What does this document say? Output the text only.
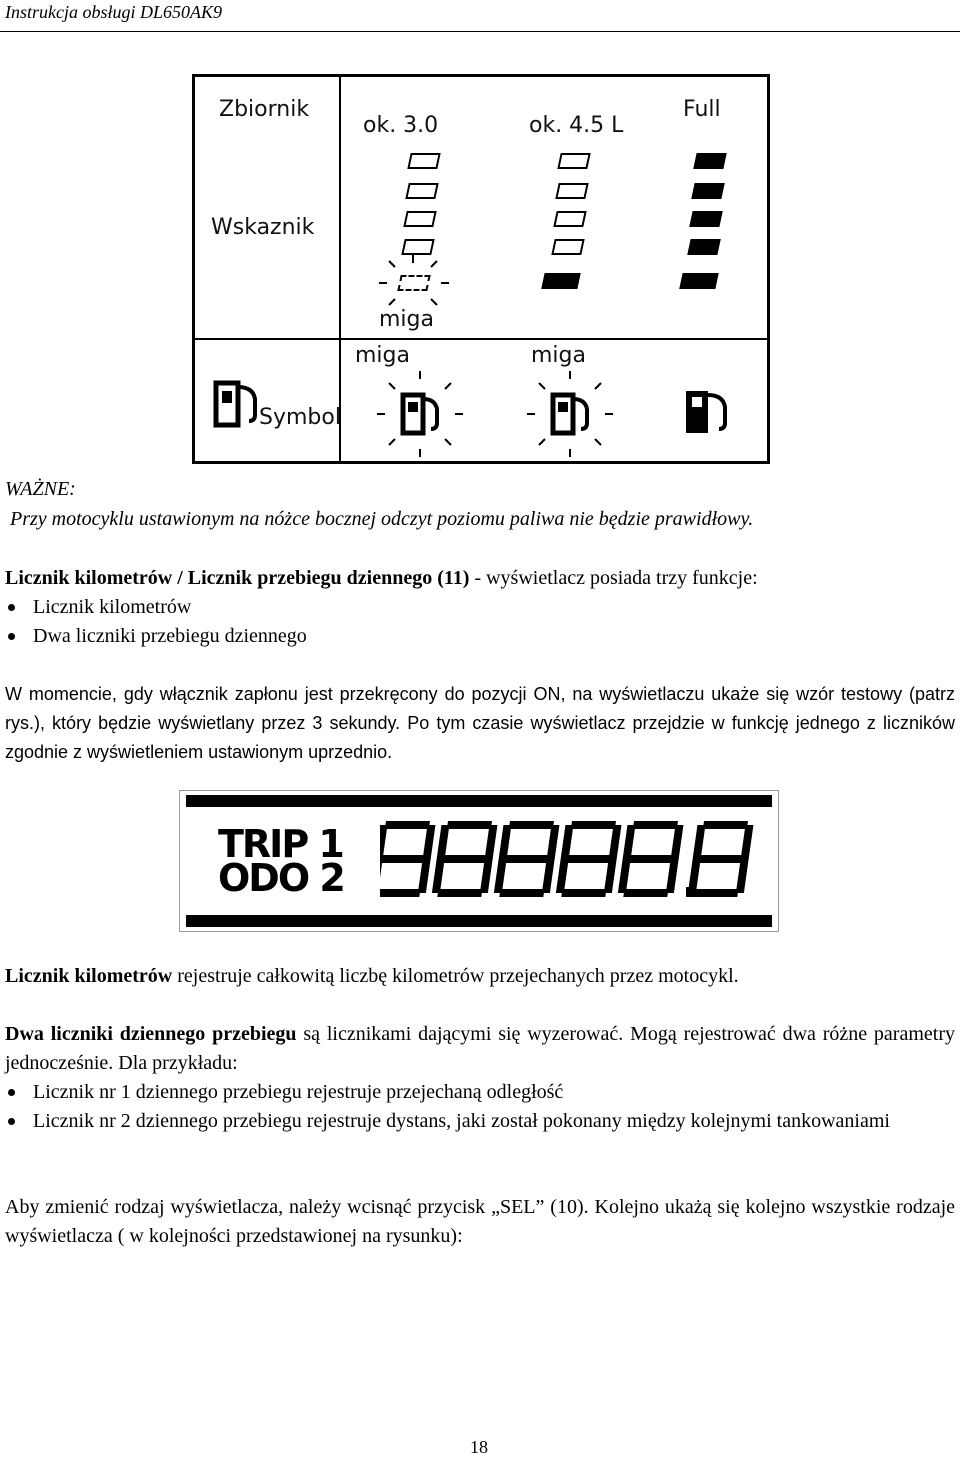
Instrukcja obsługi DL650AK9
Zbiornik
ok. 3.0	ok. 4.5 L
Full
Wskaznik
miga
Symbol
miga	miga
WAŻNE:
Przy motocyklu ustawionym na nóżce bocznej odczyt poziomu paliwa nie będzie prawidłowy.
Licznik kilometrów / Licznik przebiegu dziennego (11) - wyświetlacz posiada trzy funkcje:
Licznik kilometrów
Dwa liczniki przebiegu dziennego
W momencie, gdy włącznik zapłonu jest przekręcony do pozycji ON, na wyświetlaczu ukaże się wzór testowy (patrz rys.), który będzie wyświetlany przez 3 sekundy. Po tym czasie wyświetlacz przejdzie w funkcję jednego z liczników zgodnie z wyświetleniem ustawionym uprzednio.
TRIP 1
ODO 2
Licznik kilometrów rejestruje całkowitą liczbę kilometrów przejechanych przez motocykl.
Dwa liczniki dziennego przebiegu są licznikami dającymi się wyzerować. Mogą rejestrować dwa różne parametry jednocześnie. Dla przykładu:
Licznik nr 1 dziennego przebiegu rejestruje przejechaną odległość
Licznik nr 2 dziennego przebiegu rejestruje dystans, jaki został pokonany między kolejnymi tankowaniami
Aby zmienić rodzaj wyświetlacza, należy wcisnąć przycisk „SEL” (10). Kolejno ukażą się kolejno wszystkie rodzaje wyświetlacza ( w kolejności przedstawionej na rysunku):
18
